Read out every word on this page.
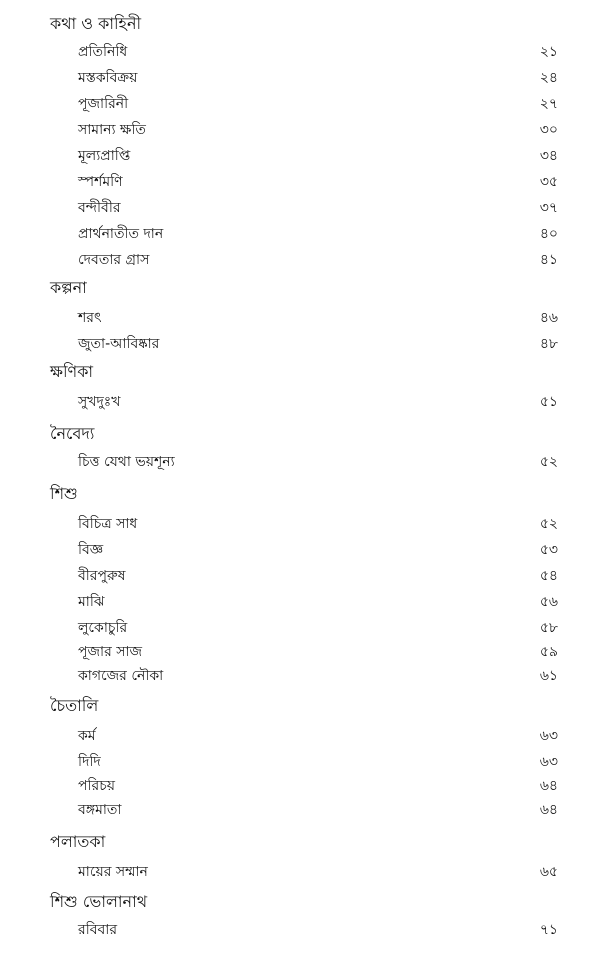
কথা ও কাহিনী
প্রতিনিধি	২১
মস্তকবিক্রয়	২৪
পূজারিনী	২৭
সামান্য ক্ষতি	৩০
মূল্যপ্রাপ্তি	৩৪
স্পর্শমণি	৩৫
বন্দীবীর	৩৭
প্রার্থনাতীত দান	৪০
দেবতার গ্রাস	৪১
কল্পনা
শরৎ	৪৬
জুতা-আবিষ্কার	৪৮
ক্ষণিকা
সুখদুঃখ	৫১
নৈবেদ্য
চিত্ত যেথা ভয়শূন্য	৫২
শিশু
বিচিত্র সাধ	৫২
বিজ্ঞ	৫৩
বীরপুরুষ	৫৪
মাঝি	৫৬
লুকোচুরি	৫৮
পূজার সাজ	৫৯
কাগজের নৌকা	৬১
চৈতালি
কর্ম	৬৩
দিদি	৬৩
পরিচয়	৬৪
বঙ্গমাতা	৬৪
পলাতকা
মায়ের সম্মান	৬৫
শিশু ভোলানাথ
রবিবার	৭১
